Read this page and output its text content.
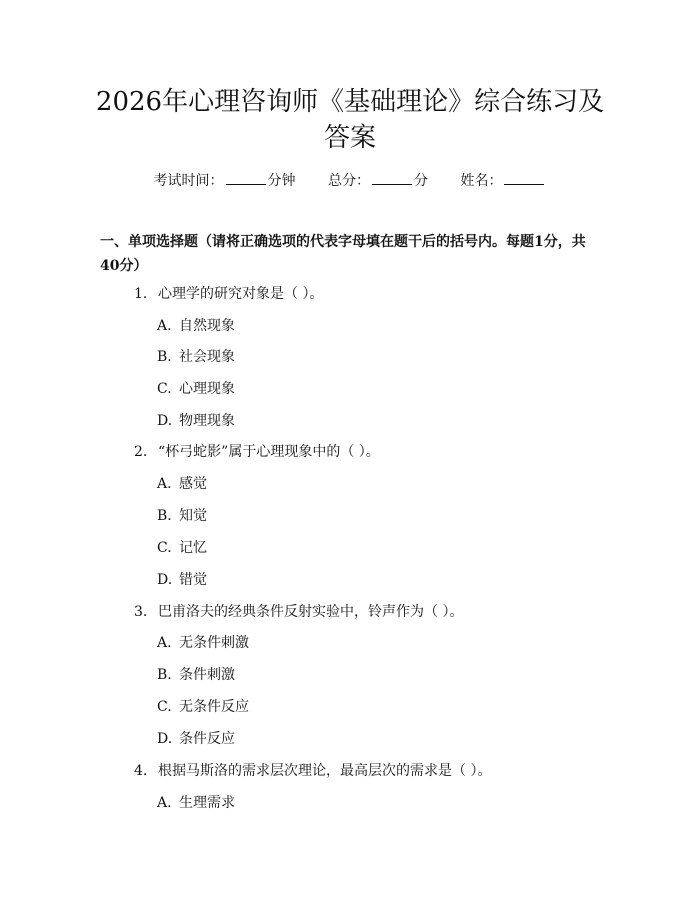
2026年心理咨询师《基础理论》综合练习及
答案
考试时间：	分钟 总分：	分 姓名：
一、单项选择题（请将正确选项的代表字母填在题干后的括号内。每题1分，共40分）
1. 心理学的研究对象是（ ）。
A. 自然现象
B. 社会现象
C. 心理现象
D. 物理现象
2. “杯弓蛇影”属于心理现象中的（ ）。
A. 感觉
B. 知觉
C. 记忆
D. 错觉
3. 巴甫洛夫的经典条件反射实验中，铃声作为（ ）。
A. 无条件刺激
B. 条件刺激
C. 无条件反应
D. 条件反应
4. 根据马斯洛的需求层次理论，最高层次的需求是（ ）。
A. 生理需求
